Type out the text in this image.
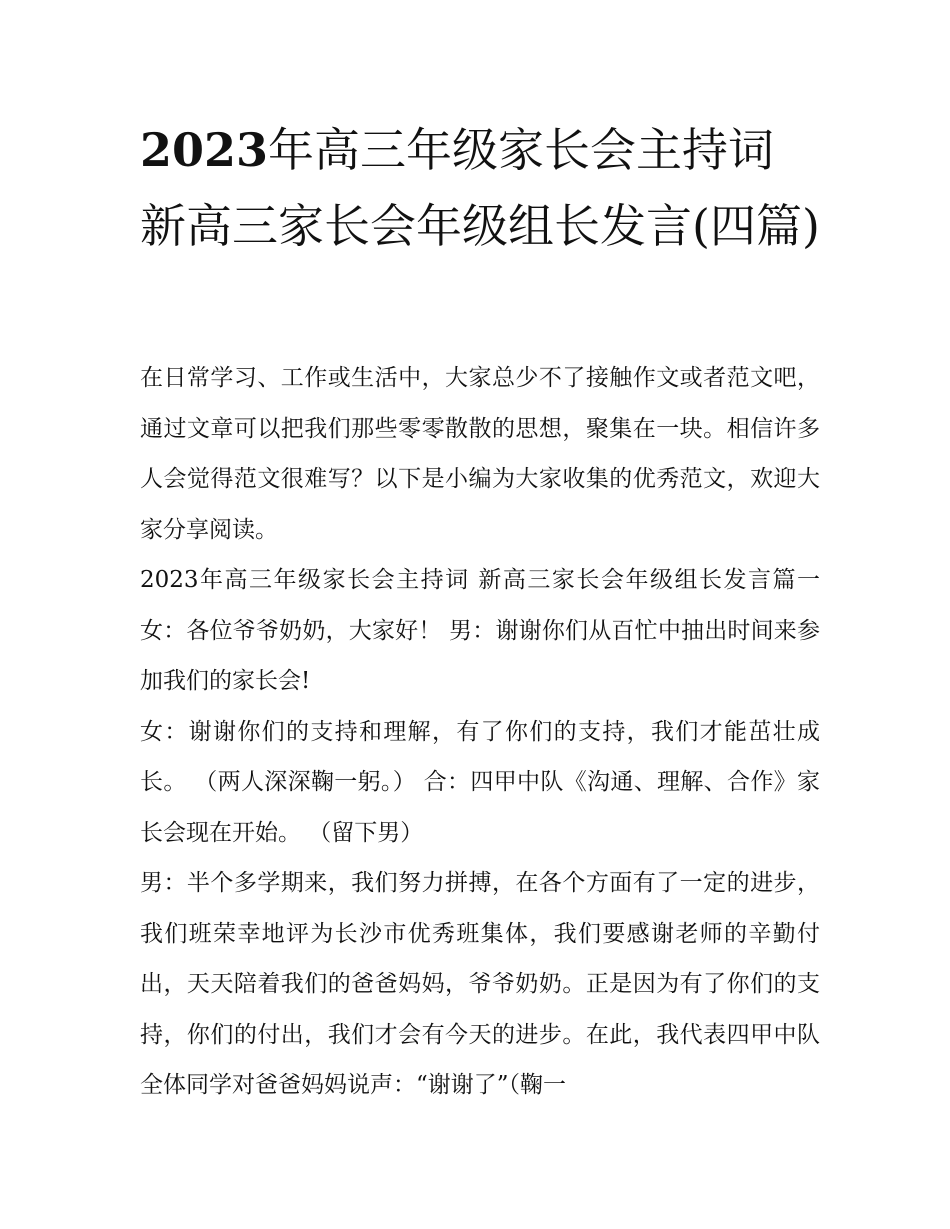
2023年高三年级家长会主持词新高三家长会年级组长发言(四篇)

在日常学习、工作或生活中，大家总少不了接触作文或者范文吧，通过文章可以把我们那些零零散散的思想，聚集在一块。相信许多人会觉得范文很难写？以下是小编为大家收集的优秀范文，欢迎大家分享阅读。

2023年高三年级家长会主持词 新高三家长会年级组长发言篇一 女：各位爷爷奶奶，大家好！ 男：谢谢你们从百忙中抽出时间来参加我们的家长会!

女：谢谢你们的支持和理解，有了你们的支持，我们才能茁壮成长。 （两人深深鞠一躬。） 合：四甲中队《沟通、理解、合作》家长会现在开始。 （留下男）

男：半个多学期来，我们努力拼搏，在各个方面有了一定的进步，我们班荣幸地评为长沙市优秀班集体，我们要感谢老师的辛勤付出，天天陪着我们的爸爸妈妈，爷爷奶奶。正是因为有了你们的支持，你们的付出，我们才会有今天的进步。在此，我代表四甲中队全体同学对爸爸妈妈说声：“谢谢了”（鞠一
